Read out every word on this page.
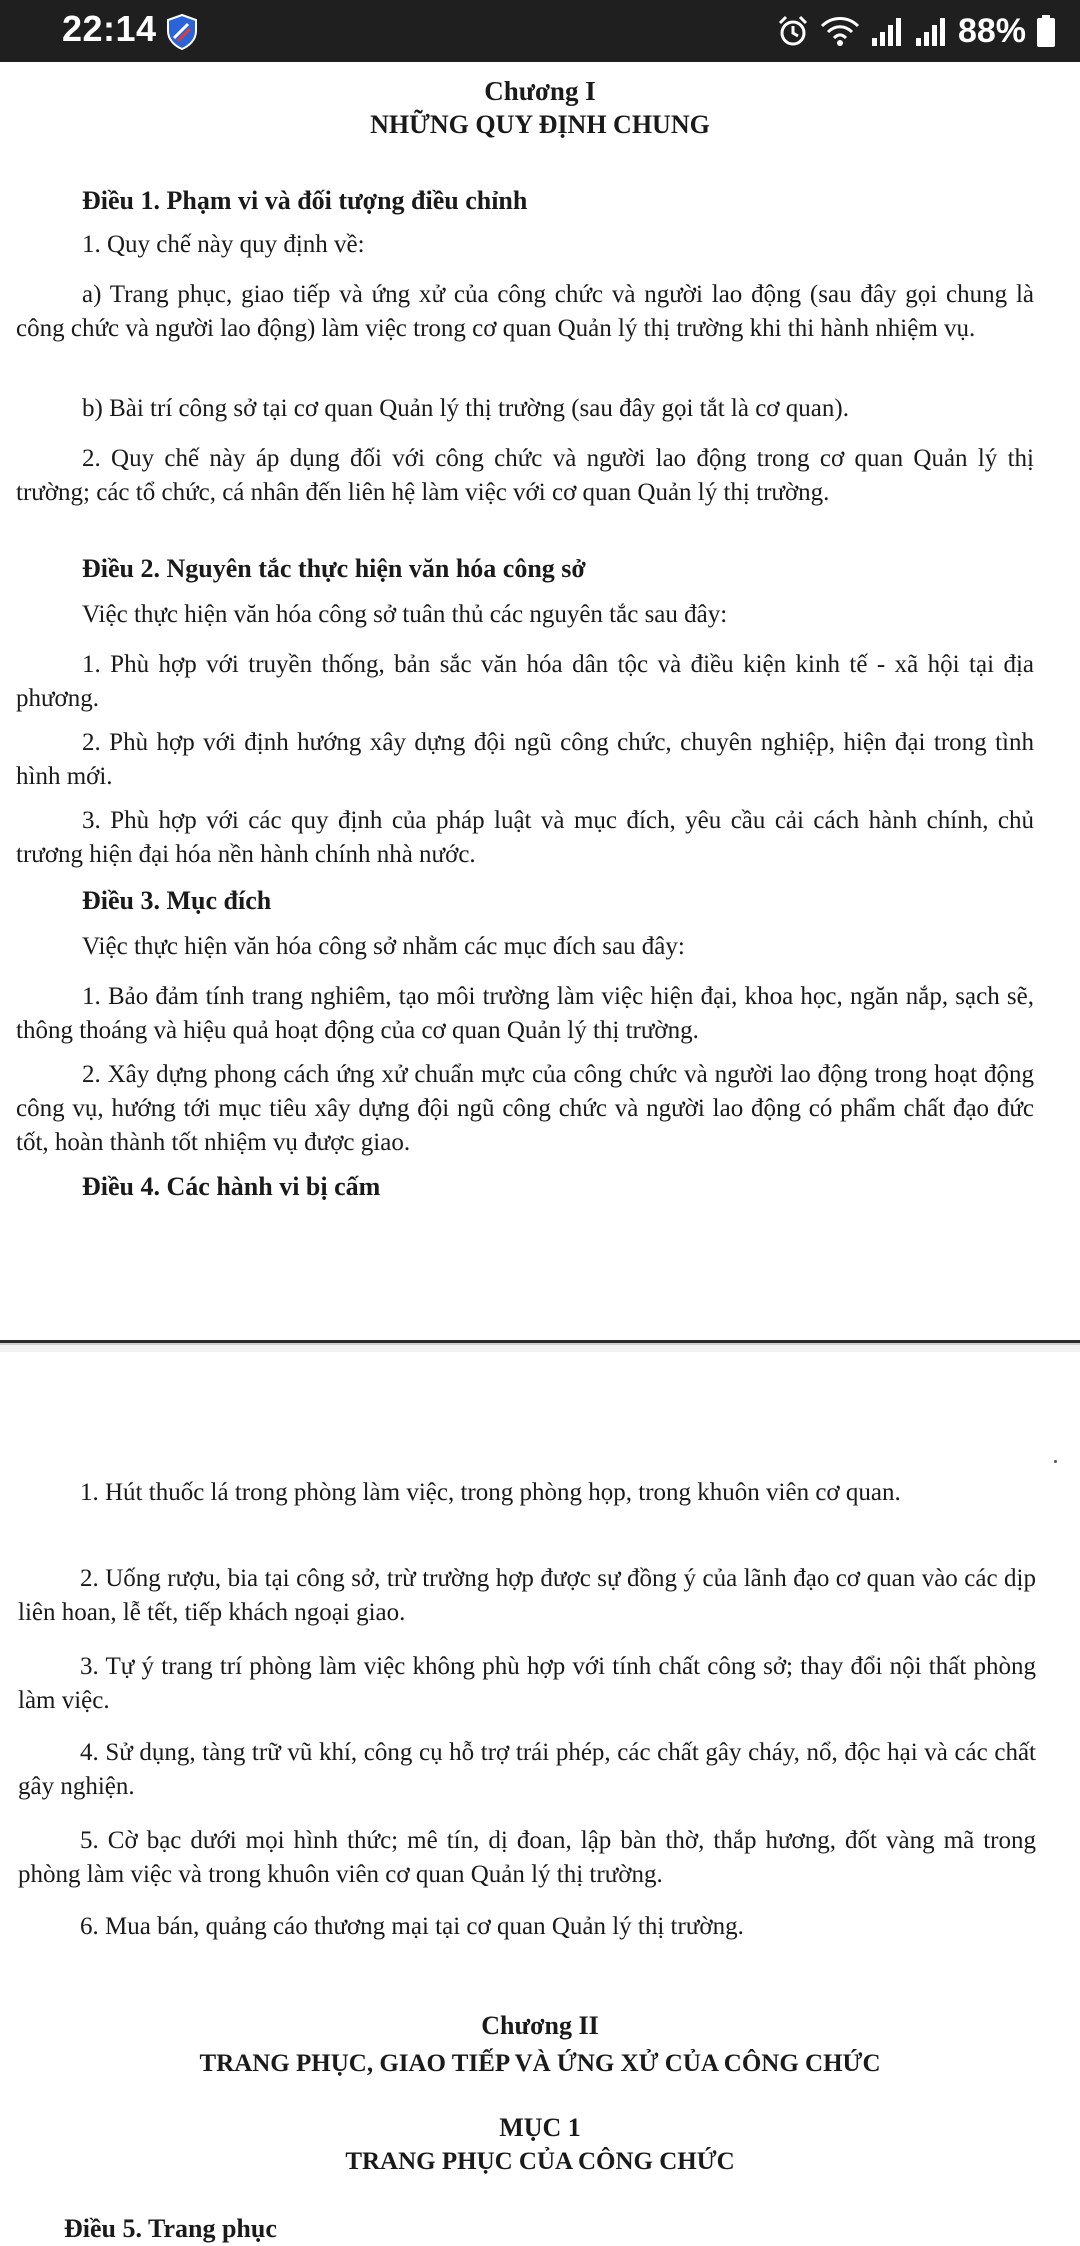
22:14	88%
Chương I
NHỮNG QUY ĐỊNH CHUNG
Điều 1. Phạm vi và đối tượng điều chỉnh
1. Quy chế này quy định về:
a) Trang phục, giao tiếp và ứng xử của công chức và người lao động (sau đây gọi chung là công chức và người lao động) làm việc trong cơ quan Quản lý thị trường khi thi hành nhiệm vụ.
b) Bài trí công sở tại cơ quan Quản lý thị trường (sau đây gọi tắt là cơ quan).
2. Quy chế này áp dụng đối với công chức và người lao động trong cơ quan Quản lý thị trường; các tổ chức, cá nhân đến liên hệ làm việc với cơ quan Quản lý thị trường.
Điều 2. Nguyên tắc thực hiện văn hóa công sở
Việc thực hiện văn hóa công sở tuân thủ các nguyên tắc sau đây:
1. Phù hợp với truyền thống, bản sắc văn hóa dân tộc và điều kiện kinh tế - xã hội tại địa phương.
2. Phù hợp với định hướng xây dựng đội ngũ công chức, chuyên nghiệp, hiện đại trong tình hình mới.
3. Phù hợp với các quy định của pháp luật và mục đích, yêu cầu cải cách hành chính, chủ trương hiện đại hóa nền hành chính nhà nước.
Điều 3. Mục đích
Việc thực hiện văn hóa công sở nhằm các mục đích sau đây:
1. Bảo đảm tính trang nghiêm, tạo môi trường làm việc hiện đại, khoa học, ngăn nắp, sạch sẽ, thông thoáng và hiệu quả hoạt động của cơ quan Quản lý thị trường.
2. Xây dựng phong cách ứng xử chuẩn mực của công chức và người lao động trong hoạt động công vụ, hướng tới mục tiêu xây dựng đội ngũ công chức và người lao động có phẩm chất đạo đức tốt, hoàn thành tốt nhiệm vụ được giao.
Điều 4. Các hành vi bị cấm
1. Hút thuốc lá trong phòng làm việc, trong phòng họp, trong khuôn viên cơ quan.
2. Uống rượu, bia tại công sở, trừ trường hợp được sự đồng ý của lãnh đạo cơ quan vào các dịp liên hoan, lễ tết, tiếp khách ngoại giao.
3. Tự ý trang trí phòng làm việc không phù hợp với tính chất công sở; thay đổi nội thất phòng làm việc.
4. Sử dụng, tàng trữ vũ khí, công cụ hỗ trợ trái phép, các chất gây cháy, nổ, độc hại và các chất gây nghiện.
5. Cờ bạc dưới mọi hình thức; mê tín, dị đoan, lập bàn thờ, thắp hương, đốt vàng mã trong phòng làm việc và trong khuôn viên cơ quan Quản lý thị trường.
6. Mua bán, quảng cáo thương mại tại cơ quan Quản lý thị trường.
Chương II
TRANG PHỤC, GIAO TIẾP VÀ ỨNG XỬ CỦA CÔNG CHỨC
MỤC 1
TRANG PHỤC CỦA CÔNG CHỨC
Điều 5. Trang phục
